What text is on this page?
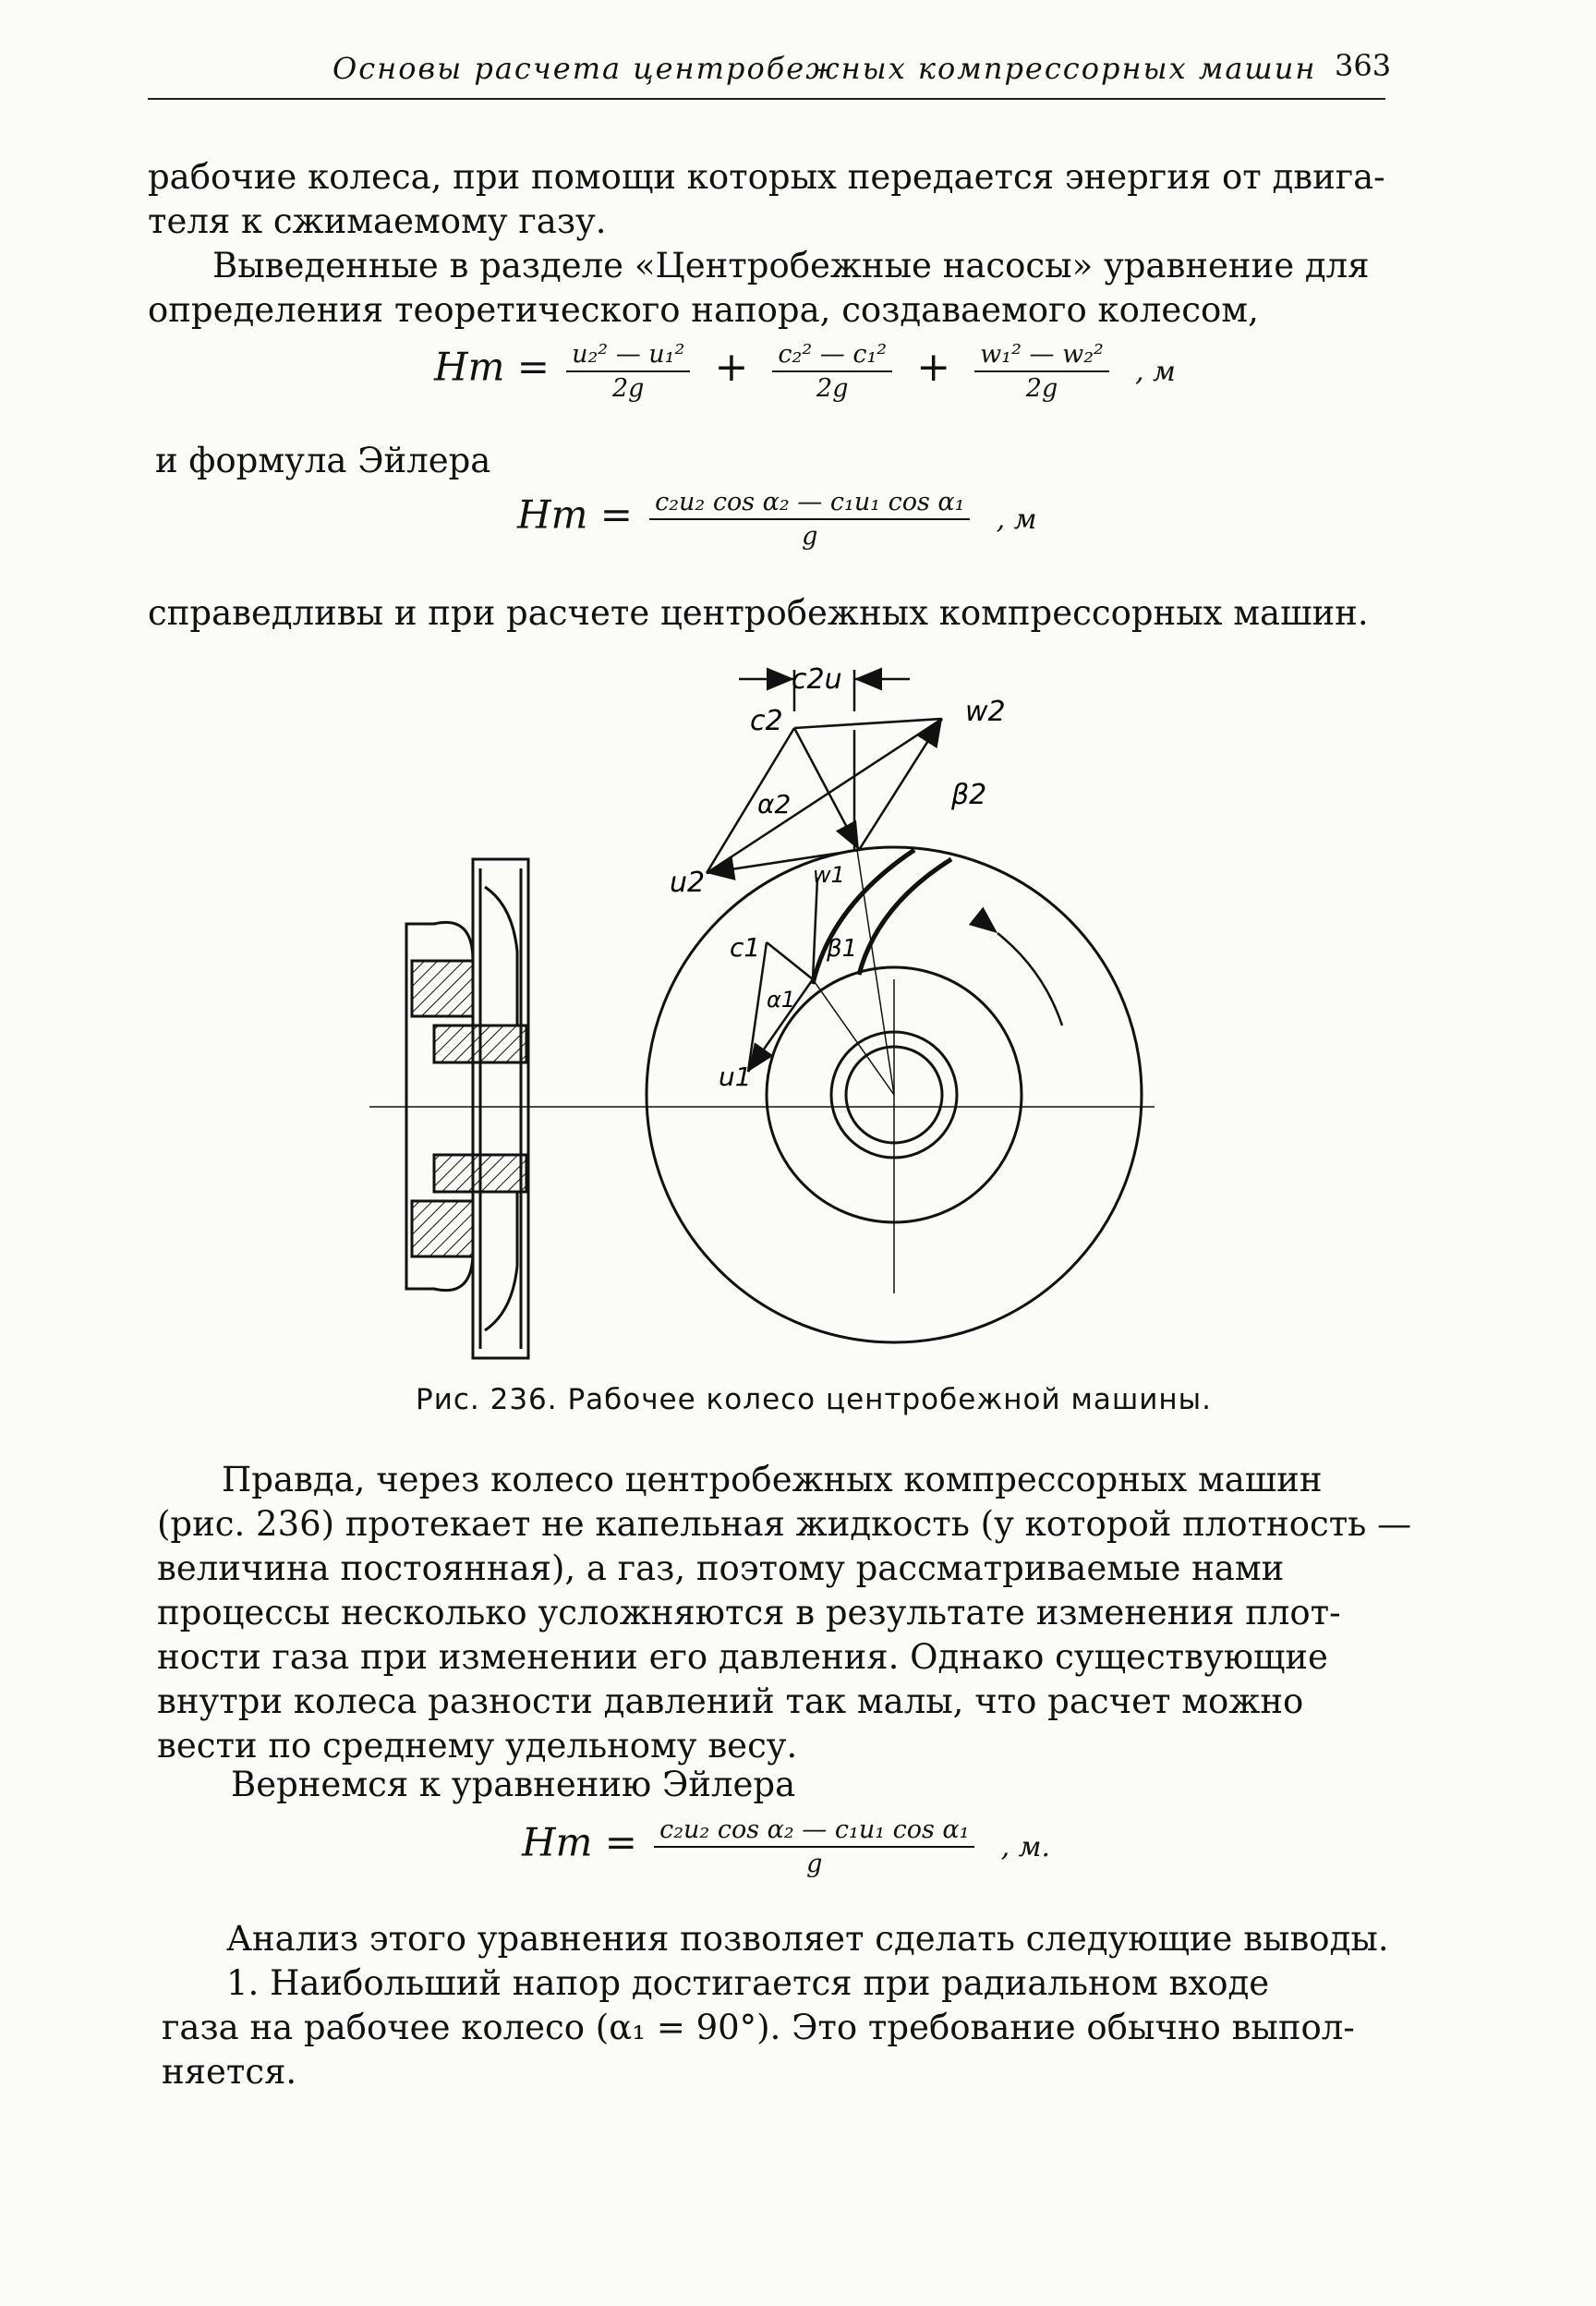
Основы расчета центробежных компрессорных машин 363

рабочие колеса, при помощи которых передается энергия от двига-
теля к сжимаемому газу.

Выведенные в разделе «Центробежные насосы» уравнение для
определения теоретического напора, создаваемого колесом,

Hт = $\frac{\text{u₂² — u₁²}}{2g} + \frac{\text{c₂² — c₁²}}{2g} + \frac{\text{w₁² — w₂²}}{2g}$ , м
и формула Эйлера
Hт = $\frac{\text{c₂u₂ cos α₂ — c₁u₁ cos α₁}}{g}$ , м
справедливы и при расчете центробежных компрессорных машин.
c2u
c2	w2
β2
α2
u2	w1
c1	β1
α1
u1
Рис. 236. Рабочее колесо центробежной машины.

Правда, через колесо центробежных компрессорных машин
(рис. 236) протекает не капельная жидкость (у которой плотность —
величина постоянная), а газ, поэтому рассматриваемые нами
процессы несколько усложняются в результате изменения плот-
ности газа при изменении его давления. Однако существующие
внутри колеса разности давлений так малы, что расчет можно
вести по среднему удельному весу.

Вернемся к уравнению Эйлера
Hт = $\frac{\text{c₂u₂ cos α₂ — c₁u₁ cos α₁}}{g}$ , м.

Анализ этого уравнения позволяет сделать следующие выводы.
1. Наибольший напор достигается при радиальном входе
газа на рабочее колесо (α₁ = 90°). Это требование обычно выпол-
няется.
